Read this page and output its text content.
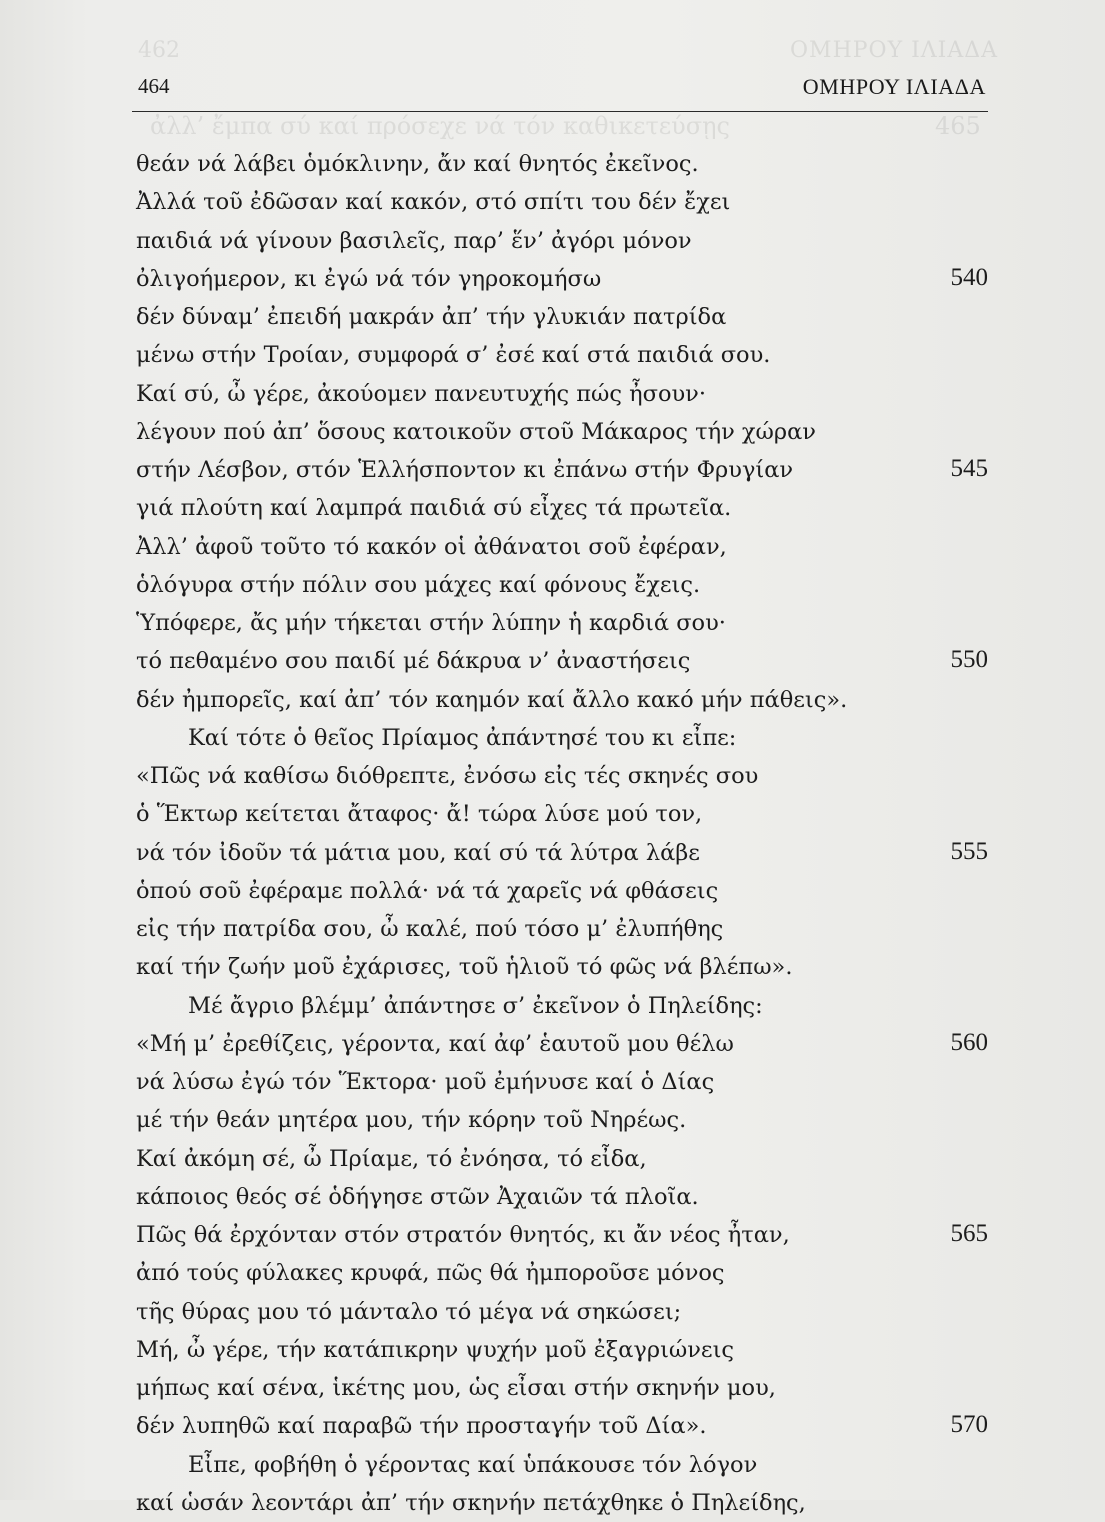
462	ΟΜΗΡΟΥ ΙΛΙΑΔΑ
ἀλλ’ ἔμπα σύ καί πρόσεχε νά τόν καθικετεύσῃς	465
464	ΟΜΗΡΟΥ ΙΛΙΑΔΑ
θεάν νά λάβει ὁμόκλινην, ἄν καί θνητός ἐκεῖνος.
Ἀλλά τοῦ ἐδῶσαν καί κακόν, στό σπίτι του δέν ἔχει
παιδιά νά γίνουν βασιλεῖς, παρ’ ἕν’ ἀγόρι μόνον
ὀλιγοήμερον, κι ἐγώ νά τόν γηροκομήσω	540
δέν δύναμ’ ἐπειδή μακράν ἀπ’ τήν γλυκιάν πατρίδα
μένω στήν Τροίαν, συμφορά σ’ ἐσέ καί στά παιδιά σου.
Καί σύ, ὦ γέρε, ἀκούομεν πανευτυχής πώς ἦσουν·
λέγουν πού ἀπ’ ὅσους κατοικοῦν στοῦ Μάκαρος τήν χώραν
στήν Λέσβον, στόν Ἑλλήσποντον κι ἐπάνω στήν Φρυγίαν	545
γιά πλούτη καί λαμπρά παιδιά σύ εἶχες τά πρωτεῖα.
Ἀλλ’ ἀφοῦ τοῦτο τό κακόν οἱ ἀθάνατοι σοῦ ἐφέραν,
ὁλόγυρα στήν πόλιν σου μάχες καί φόνους ἔχεις.
Ὑπόφερε, ἄς μήν τήκεται στήν λύπην ἡ καρδιά σου·
τό πεθαμένο σου παιδί μέ δάκρυα ν’ ἀναστήσεις	550
δέν ἠμπορεῖς, καί ἀπ’ τόν καημόν καί ἄλλο κακό μήν πάθεις».
Καί τότε ὁ θεῖος Πρίαμος ἀπάντησέ του κι εἶπε:
«Πῶς νά καθίσω διόθρεπτε, ἐνόσω εἰς τές σκηνές σου
ὁ Ἕκτωρ κείτεται ἄταφος· ἄ! τώρα λύσε μού τον,
νά τόν ἰδοῦν τά μάτια μου, καί σύ τά λύτρα λάβε	555
ὁπού σοῦ ἐφέραμε πολλά· νά τά χαρεῖς νά φθάσεις
εἰς τήν πατρίδα σου, ὦ καλέ, πού τόσο μ’ ἐλυπήθης
καί τήν ζωήν μοῦ ἐχάρισες, τοῦ ἡλιοῦ τό φῶς νά βλέπω».
Μέ ἄγριο βλέμμ’ ἀπάντησε σ’ ἐκεῖνον ὁ Πηλείδης:
«Μή μ’ ἐρεθίζεις, γέροντα, καί ἀφ’ ἑαυτοῦ μου θέλω	560
νά λύσω ἐγώ τόν Ἕκτορα· μοῦ ἐμήνυσε καί ὁ Δίας
μέ τήν θεάν μητέρα μου, τήν κόρην τοῦ Νηρέως.
Καί ἀκόμη σέ, ὦ Πρίαμε, τό ἐνόησα, τό εἶδα,
κάποιος θεός σέ ὁδήγησε στῶν Ἀχαιῶν τά πλοῖα.
Πῶς θά ἐρχόνταν στόν στρατόν θνητός, κι ἄν νέος ἦταν,	565
ἀπό τούς φύλακες κρυφά, πῶς θά ἠμποροῦσε μόνος
τῆς θύρας μου τό μάνταλο τό μέγα νά σηκώσει;
Μή, ὦ γέρε, τήν κατάπικρην ψυχήν μοῦ ἐξαγριώνεις
μήπως καί σένα, ἱκέτης μου, ὡς εἶσαι στήν σκηνήν μου,
δέν λυπηθῶ καί παραβῶ τήν προσταγήν τοῦ Δία».	570
Εἶπε, φοβήθη ὁ γέροντας καί ὑπάκουσε τόν λόγον
καί ὡσάν λεοντάρι ἀπ’ τήν σκηνήν πετάχθηκε ὁ Πηλείδης,
